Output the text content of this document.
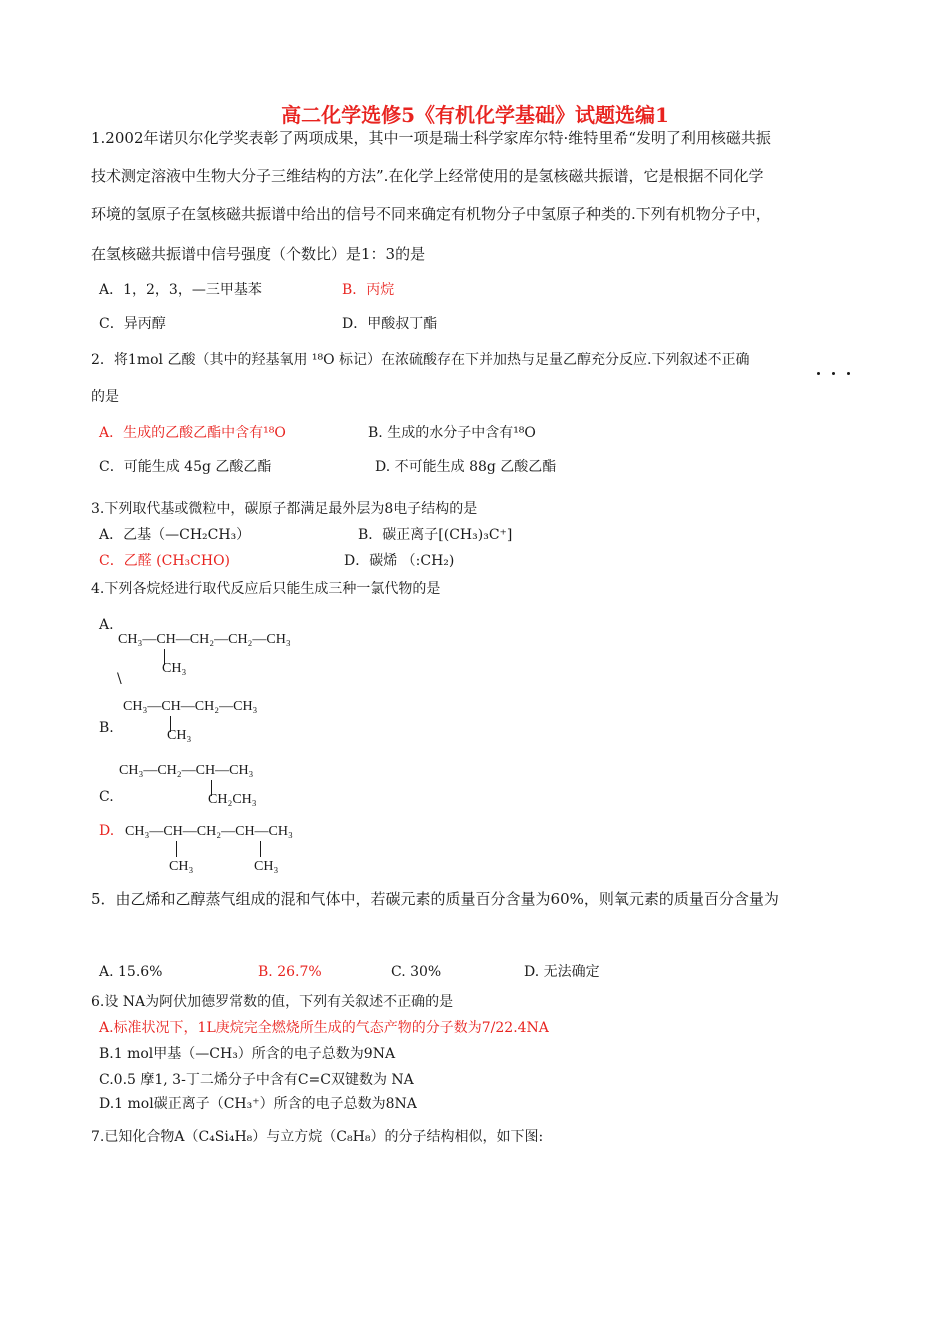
高二化学选修5《有机化学基础》试题选编1
1.2002年诺贝尔化学奖表彰了两项成果，其中一项是瑞士科学家库尔特·维特里希“发明了利用核磁共振
技术测定溶液中生物大分子三维结构的方法”.在化学上经常使用的是氢核磁共振谱，它是根据不同化学
环境的氢原子在氢核磁共振谱中给出的信号不同来确定有机物分子中氢原子种类的.下列有机物分子中，
在氢核磁共振谱中信号强度（个数比）是1：3的是
A．1，2，3，—三甲基苯	B．丙烷
C．异丙醇	D．甲酸叔丁酯
2．将1mol 乙酸（其中的羟基氧用 ¹⁸O 标记）在浓硫酸存在下并加热与足量乙醇充分反应.下列叙述不正确
的是
A．生成的乙酸乙酯中含有¹⁸O	B. 生成的水分子中含有¹⁸O
C．可能生成 45g 乙酸乙酯	D. 不可能生成 88g 乙酸乙酯
3.下列取代基或微粒中，碳原子都满足最外层为8电子结构的是
A．乙基（—CH₂CH₃）	B．碳正离子[(CH₃)₃C⁺]
C．乙醛 (CH₃CHO)	D．碳烯 （:CH₂)
4.下列各烷烃进行取代反应后只能生成三种一氯代物的是
A.
CH₃—CH—CH₂—CH₂—CH₃
CH₃
\
CH₃—CH—CH₂—CH₃
B.	CH₃
CH₃—CH₂—CH—CH₃
C.	CH₂CH₃
D. CH₃—CH—CH₂—CH—CH₃
CH₃	CH₃
5．由乙烯和乙醇蒸气组成的混和气体中，若碳元素的质量百分含量为60%，则氧元素的质量百分含量为
A. 15.6%	B. 26.7%	C. 30%	D. 无法确定
6.设 NA为阿伏加德罗常数的值，下列有关叙述不正确的是
A.标准状况下，1L庚烷完全燃烧所生成的气态产物的分子数为7/22.4NA
B.1 mol甲基（—CH₃）所含的电子总数为9NA
C.0.5 摩1, 3-丁二烯分子中含有C=C双键数为 NA
D.1 mol碳正离子（CH₃⁺）所含的电子总数为8NA
7.已知化合物A（C₄Si₄H₈）与立方烷（C₈H₈）的分子结构相似，如下图:
